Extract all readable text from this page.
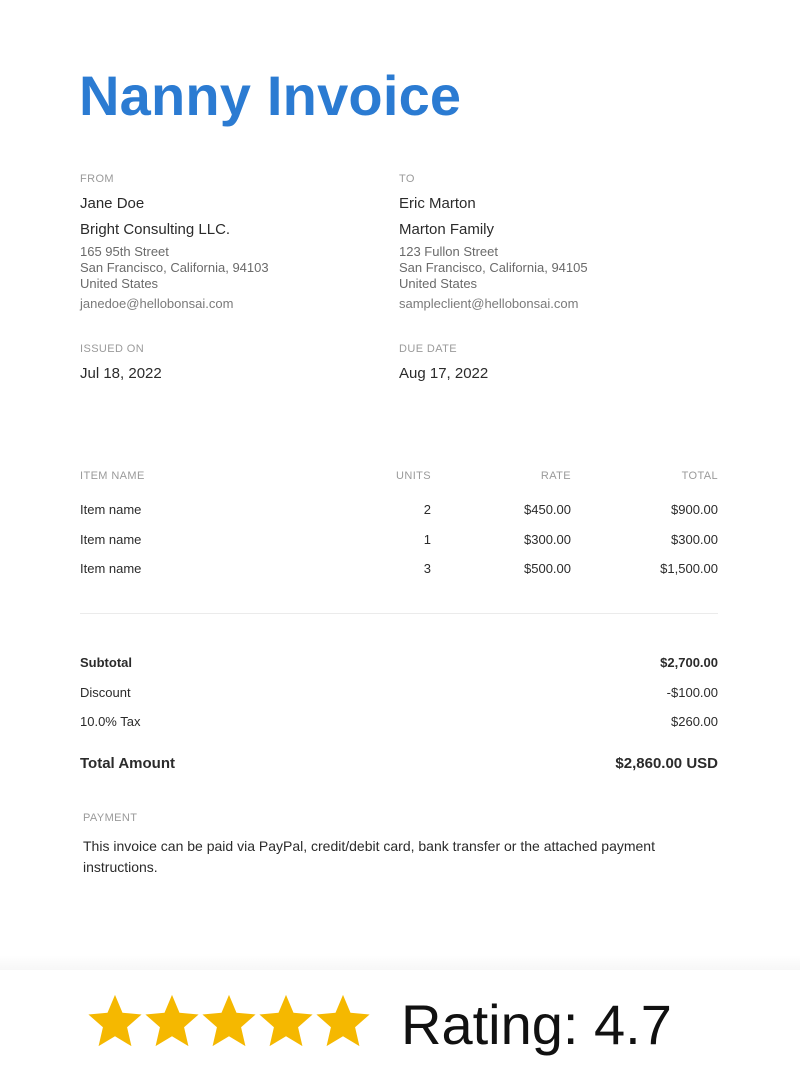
Nanny Invoice
FROM
Jane Doe
Bright Consulting LLC.
165 95th Street
San Francisco, California, 94103
United States
janedoe@hellobonsai.com
TO
Eric Marton
Marton Family
123 Fullon Street
San Francisco, California, 94105
United States
sampleclient@hellobonsai.com
ISSUED ON
Jul 18, 2022
DUE DATE
Aug 17, 2022
ITEM NAME	UNITS	RATE	TOTAL
Item name	2	$450.00	$900.00
Item name	1	$300.00	$300.00
Item name	3	$500.00	$1,500.00
Subtotal	$2,700.00
Discount	-$100.00
10.0% Tax	$260.00
Total Amount	$2,860.00 USD
PAYMENT

This invoice can be paid via PayPal, credit/debit card, bank transfer or the attached payment instructions.

Rating: 4.7
